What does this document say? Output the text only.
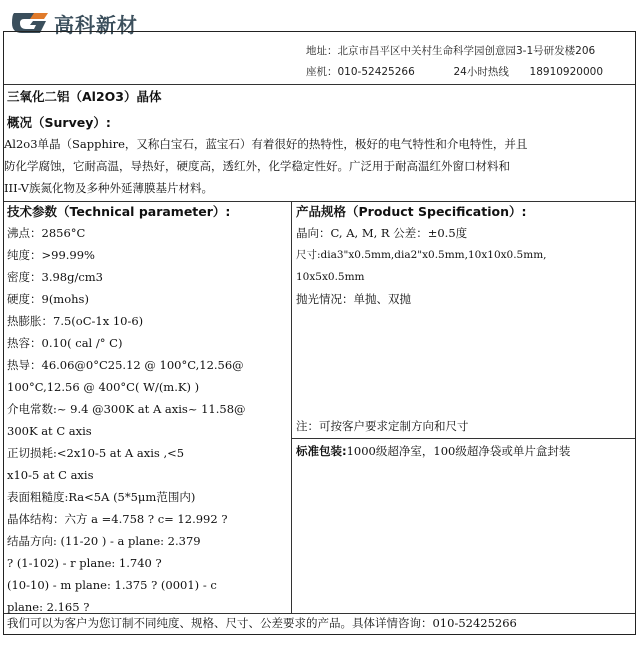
高科新材
地址：北京市昌平区中关村生命科学园创意园3-1号研发楼206
座机：010-52425266	24小时热线 18910920000
三氧化二铝（Al2O3）晶体
概况（Survey）:
Al2o3单晶（Sapphire，又称白宝石，蓝宝石）有着很好的热特性，极好的电气特性和介电特性，并且
防化学腐蚀，它耐高温，导热好，硬度高，透红外，化学稳定性好。广泛用于耐高温红外窗口材料和
III-V族氮化物及多种外延薄膜基片材料。
技术参数（Technical parameter）:
沸点：2856°C
纯度：>99.99%
密度：3.98g/cm3
硬度：9(mohs)
热膨胀：7.5(oC-1x 10-6)
热容：0.10( cal /° C)
热导：46.06@0°C25.12 @ 100°C,12.56@
100°C,12.56 @ 400°C( W/(m.K) )
介电常数:~ 9.4 @300K at A axis~ 11.58@
300K at C axis
正切损耗:<2x10-5 at A axis ,<5
x10-5 at C axis
表面粗糙度:Ra<5A (5*5μm范围内)
晶体结构：六方 a =4.758 ? c= 12.992 ?
结晶方向: (11-20 ) - a plane: 2.379
? (1-102) - r plane: 1.740 ?
(10-10) - m plane: 1.375 ? (0001) - c
plane: 2.165 ?
产品规格（Product Specification）:
晶向：C, A, M, R 公差：±0.5度
尺寸:dia3"x0.5mm,dia2"x0.5mm,10x10x0.5mm,
10x5x0.5mm
抛光情况：单抛、双抛
注：可按客户要求定制方向和尺寸
标准包装:1000级超净室，100级超净袋或单片盒封装
我们可以为客户为您订制不同纯度、规格、尺寸、公差要求的产品。具体详情咨询：010-52425266
